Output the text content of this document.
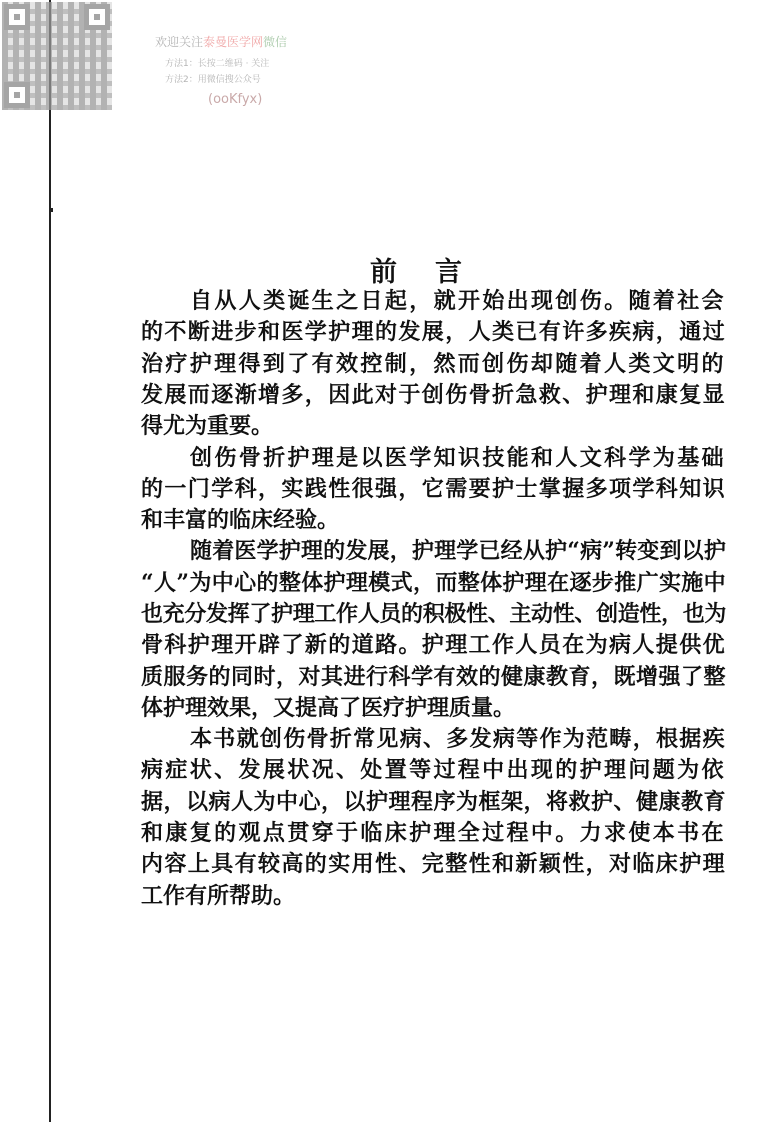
欢迎关注泰曼医学网微信
方法1：长按二维码 · 关注
方法2：用微信搜公众号
(ooKfyx)
前言
自从人类诞生之日起，就开始出现创伤。随着社会
的不断进步和医学护理的发展，人类已有许多疾病，通过
治疗护理得到了有效控制，然而创伤却随着人类文明的
发展而逐渐增多，因此对于创伤骨折急救、护理和康复显
得尤为重要。
创伤骨折护理是以医学知识技能和人文科学为基础
的一门学科，实践性很强，它需要护士掌握多项学科知识
和丰富的临床经验。
随着医学护理的发展，护理学已经从护“病”转变到以护
“人”为中心的整体护理模式，而整体护理在逐步推广实施中
也充分发挥了护理工作人员的积极性、主动性、创造性，也为
骨科护理开辟了新的道路。护理工作人员在为病人提供优
质服务的同时，对其进行科学有效的健康教育，既增强了整
体护理效果，又提高了医疗护理质量。
本书就创伤骨折常见病、多发病等作为范畴，根据疾
病症状、发展状况、处置等过程中出现的护理问题为依
据，以病人为中心，以护理程序为框架，将救护、健康教育
和康复的观点贯穿于临床护理全过程中。力求使本书在
内容上具有较高的实用性、完整性和新颖性，对临床护理
工作有所帮助。
